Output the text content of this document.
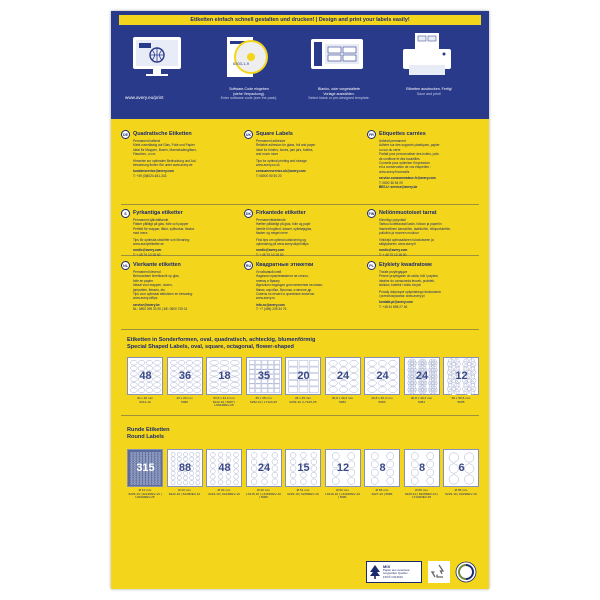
Etiketten einfach schnell gestalten und drucken! | Design and print your labels easily!
6203-1-9
Software-Code eingeben
(siehe Verpackung).
Enter software code (see the pack).
Blanko- oder vorgestaltete
Vorlage auswählen.
Select blank or pre-designed template.
Etiketten ausdrucken. Fertig!
Save and print!
www.avery.eu/print
DE Quadratische Etiketten
Permanent haftend
Klebt zuverlässig auf Glas, Folie und Papier
Ideal für Mappen, Boxen, Marmeladengläser,
Flaschen, u.v.m.
Hinweise zur optimalen Bedruckung und Auf-
bewahrung finden Sie unter www.avery.de
kundenservice@avery.com
T: +49 (0)8024-641-343
UK Square Labels
Permanent adhesive
Reliable adhesion for glass, foil and paper
Ideal for folders, boxes, jam jars, bottles,
and much more
Tips for optimal printing and storage
www.avery.co.uk
consumerservice-uk@avery.com
T: 08000 50 50 20
FR Etiquettes carrées
Adhésif permanent
Adhère sur des supports plastiques, papier
ou sur du verre
Parfait pour personnaliser des boites, pots
de confiture et des bouteilles
Conseils pour optimiser l'impression
et la conservation de vos étiquettes :
www.avery.fr/conseils
service.consommateur-fr@avery.com
T: 0800 36 54 09
BE/LU: service@avery.be
S	Fyrkantiga etiketter
Permanent självhäftande
Fäster pålitligt på glas, folie och papper
Perfekt för mappar, lådor, syltburkar, flaskor
med mera
Tips för optimala utskrifter och förvaring:
www.averyetiketter.se
nordic@avery.com
T: + 45 70 10 18 00
DK Firkantede etiketter
Permanentklæbende
Hæfter pålideligt på glas, folie og papir
Ideelle til ringbind, kasser, syltetøjsglas,
flasker og meget mere
Find tips om optimal udskrivning og
opbevaring på www.avery.dk/printtips
nordic@avery.com
T: + 45 70 10 18 00
FIN Neliönmuotoiset tarrat
Kiinnittyy pysyvästi
Tarttuu luotettavasti lasiin, folioon ja paperiin
Ihanteellinen kansioihin, laatikoihin, hillopurkkeihin,
pulloihin ja moneen muuhun
Vinkkejä optimaaliseen tulostukseen ja
säilytykseen: www.avery.fi
nordic@avery.com
T: + 45 70 10 18 00
NL Vierkante etiketten
Permanent klevend
Betrouwbare kleefkracht op glas,
folie en papier
Ideaal voor mappen, dozen,
jampotten, flessen, etc.
Tips voor optimaal afdrukken en bewaring:
www.avery.nl/tips
service@avery.be
NL: 0800 099 33 90 | BE: 0800 725 01
RU Квадратные этикетки
Устойчивый клей
Надежно приклеиваются на стекло,
пленку и бумагу
Идеально подходят для нанесения на папки,
банки, коробки, бутылки, и многое др.
Советы по печати и хранению этикеток:
www.avery.ru
info-ru@avery.com
T: +7 (495) 228 34 76
PL Etykiety kwadratowe
Trwale przylegające
Pewne przyleganie do szkła, folii i papieru
Idealne do oznaczania teczek, pudełek,
słoików, butelek i wielu innych
Porady dotyczące optymalnego drukowania
i przechowywania: www.avery.pl
kontakt-pl@avery.com
T: +48 61 898 27 46
Etiketten in Sonderformen, oval, quadratisch, achteckig, blumenförmig
Special Shaped Labels, oval, square, octagonal, flower-shaped
48
40 x 20 mm
6241-10
36
40 x 26 mm
5086
18
63,5 x 42,3 mm
6242-10 | 5087 | L6024REV-25
35
35 x 35 mm
6252-10 | L7120-25
20
45 x 45 mm
6252-10 | L7125-25
24
40,8 x 40,3 mm
5082
24
40,8 x 40,3 mm
5083
24
40,8 x 40,3 mm
5084
12
60 x 59,5 mm
5085
Runde Etiketten
Round Labels
315
Ø 10 mm
6225-10 | 6221REV-10 | L6019REV-25
88
Ø 20 mm
6222-10 | 6226REV-10
48
Ø 30 mm
6223-10 | 6223REV-10
24
Ø 40 mm
L3415-10 | L3415REV-10 | 5080
15
Ø 51 mm
6225-10 | 6225REV-10
12
Ø 60 mm
L3416-10 | L3416REV-10 | 5081
8
Ø 65 mm
6227-10 | 5086
8
Ø 80 mm
6228-10 | 6228REV-10 | L7104REV-25
6
Ø 85 mm
6229-10 | 6229REV-10
MIX
Papier aus verantwor-
tungsvollen Quellen
FSC® C013616
